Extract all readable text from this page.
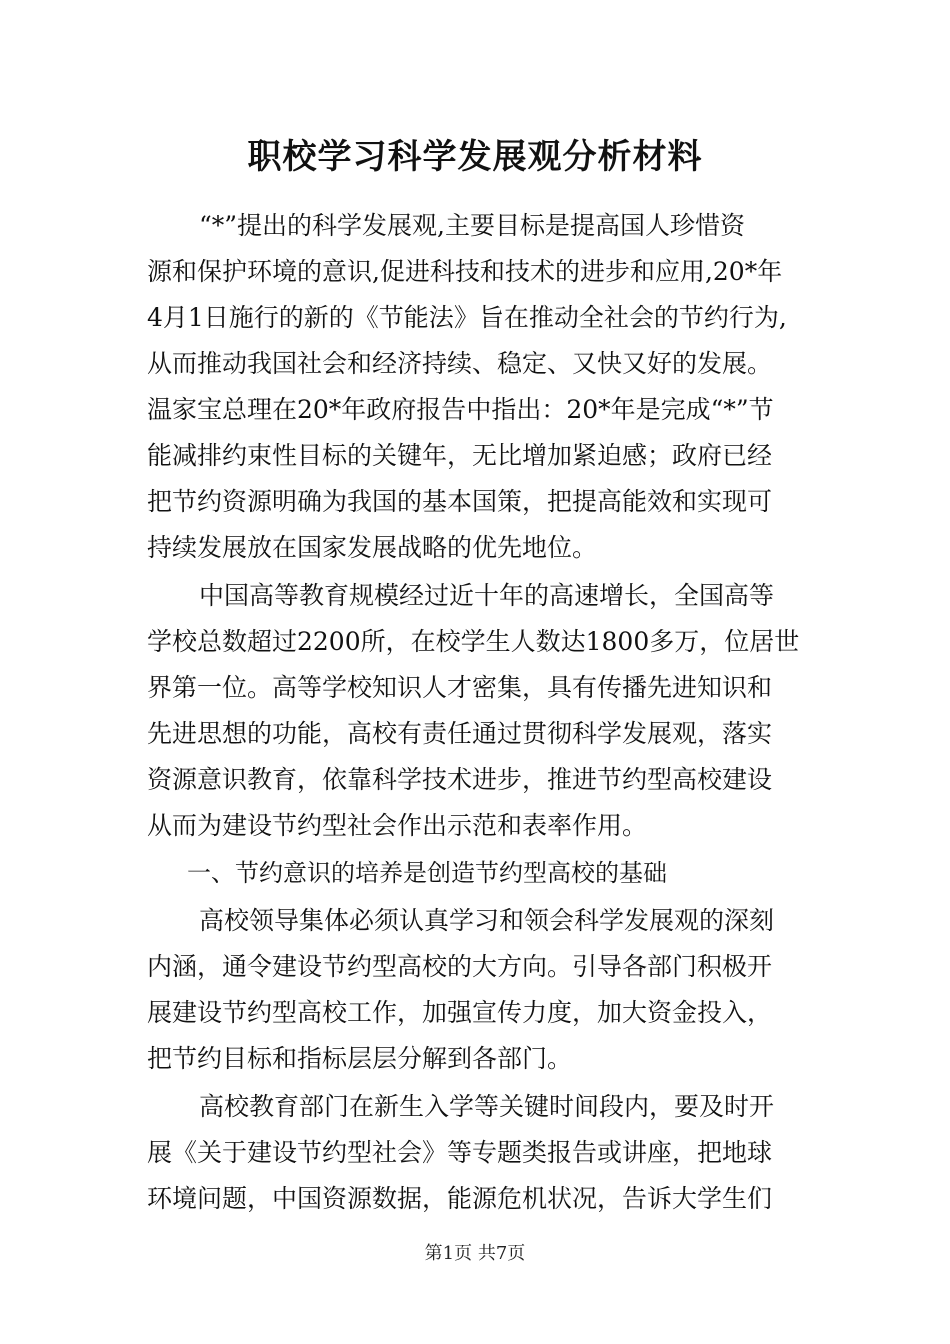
职校学习科学发展观分析材料
“*”提出的科学发展观,主要目标是提高国人珍惜资
源和保护环境的意识,促进科技和技术的进步和应用,20*年
4月1日施行的新的《节能法》旨在推动全社会的节约行为,
从而推动我国社会和经济持续、稳定、又快又好的发展。
温家宝总理在20*年政府报告中指出：20*年是完成“*”节
能减排约束性目标的关键年，无比增加紧迫感；政府已经
把节约资源明确为我国的基本国策，把提高能效和实现可
持续发展放在国家发展战略的优先地位。
中国高等教育规模经过近十年的高速增长，全国高等
学校总数超过2200所，在校学生人数达1800多万，位居世
界第一位。高等学校知识人才密集，具有传播先进知识和
先进思想的功能，高校有责任通过贯彻科学发展观，落实
资源意识教育，依靠科学技术进步，推进节约型高校建设
从而为建设节约型社会作出示范和表率作用。
一、节约意识的培养是创造节约型高校的基础
高校领导集体必须认真学习和领会科学发展观的深刻
内涵，通令建设节约型高校的大方向。引导各部门积极开
展建设节约型高校工作，加强宣传力度，加大资金投入，
把节约目标和指标层层分解到各部门。
高校教育部门在新生入学等关键时间段内，要及时开
展《关于建设节约型社会》等专题类报告或讲座，把地球
环境问题，中国资源数据，能源危机状况，告诉大学生们
第1页 共7页
